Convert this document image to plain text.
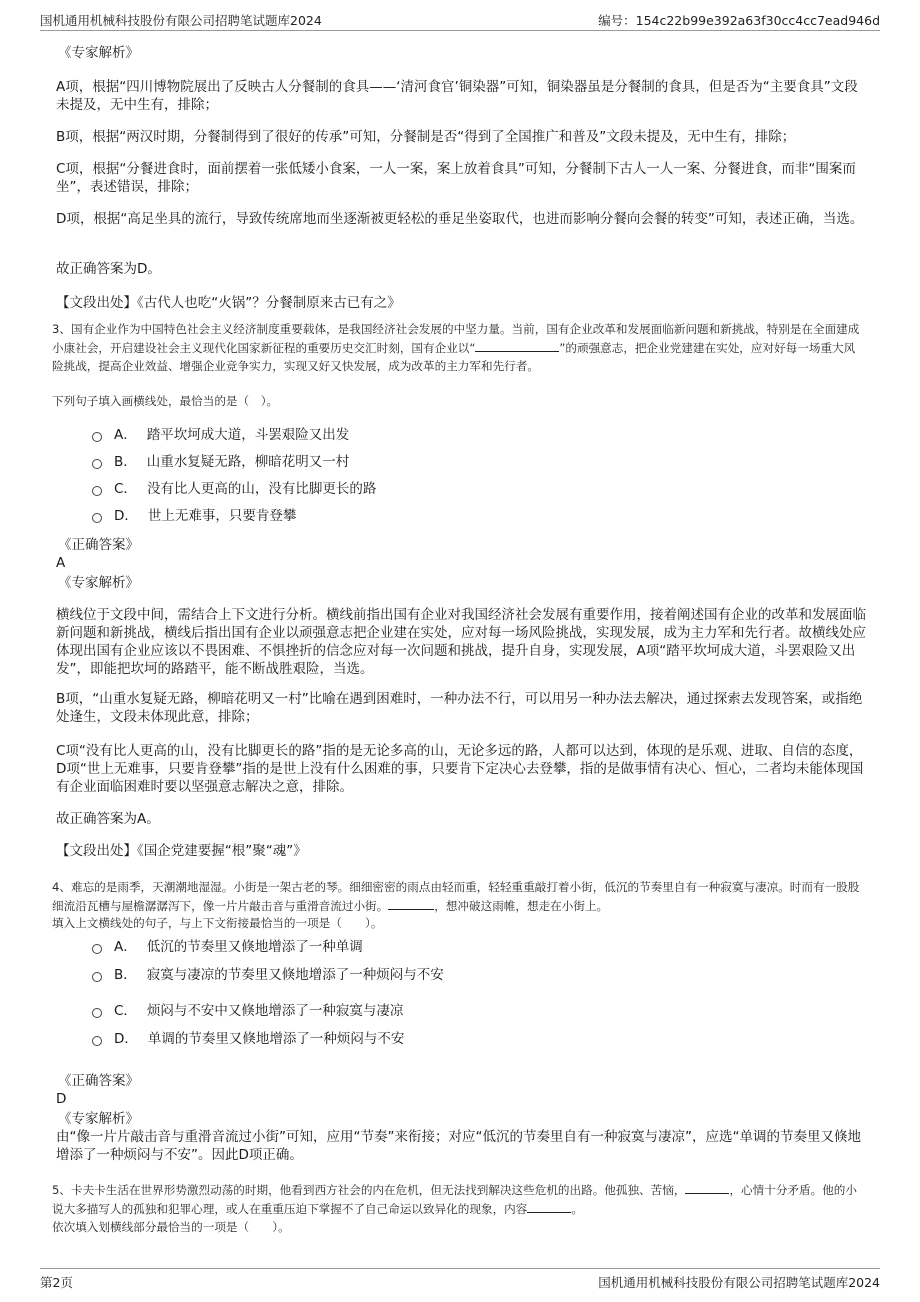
国机通用机械科技股份有限公司招聘笔试题库2024	编号：154c22b99e392a63f30cc4cc7ead946d
《专家解析》

A项，根据“四川博物院展出了反映古人分餐制的食具——‘清河食官’铜染器”可知，铜染器虽是分餐制的食具，但是否为“主要食具”文段未提及，无中生有，排除；

B项，根据“两汉时期，分餐制得到了很好的传承”可知，分餐制是否“得到了全国推广和普及”文段未提及，无中生有，排除；

C项，根据“分餐进食时，面前摆着一张低矮小食案，一人一案，案上放着食具”可知，分餐制下古人一人一案、分餐进食，而非“围案而坐”，表述错误，排除；

D项，根据“高足坐具的流行，导致传统席地而坐逐渐被更轻松的垂足坐姿取代，也进而影响分餐向会餐的转变”可知，表述正确，当选。

故正确答案为D。

【文段出处】《古代人也吃“火锅”？分餐制原来古已有之》

3、国有企业作为中国特色社会主义经济制度重要载体，是我国经济社会发展的中坚力量。当前，国有企业改革和发展面临新问题和新挑战，特别是在全面建成小康社会，开启建设社会主义现代化国家新征程的重要历史交汇时刻，国有企业以“	”的顽强意志，把企业党建建在实处，应对好每一场重大风险挑战，提高企业效益、增强企业竞争实力，实现又好又快发展，成为改革的主力军和先行者。

下列句子填入画横线处，最恰当的是（　）。

A． 踏平坎坷成大道，斗罢艰险又出发
B． 山重水复疑无路，柳暗花明又一村
C． 没有比人更高的山，没有比脚更长的路
D． 世上无难事，只要肯登攀
《正确答案》
A
《专家解析》

横线位于文段中间，需结合上下文进行分析。横线前指出国有企业对我国经济社会发展有重要作用，接着阐述国有企业的改革和发展面临新问题和新挑战，横线后指出国有企业以顽强意志把企业建在实处，应对每一场风险挑战，实现发展，成为主力军和先行者。故横线处应体现出国有企业应该以不畏困难、不惧挫折的信念应对每一次问题和挑战，提升自身，实现发展，A项“踏平坎坷成大道，斗罢艰险又出发”，即能把坎坷的路踏平，能不断战胜艰险，当选。

B项，“山重水复疑无路，柳暗花明又一村”比喻在遇到困难时，一种办法不行，可以用另一种办法去解决，通过探索去发现答案，或指绝处逢生，文段未体现此意，排除；

C项“没有比人更高的山，没有比脚更长的路”指的是无论多高的山，无论多远的路，人都可以达到，体现的是乐观、进取、自信的态度，D项“世上无难事，只要肯登攀”指的是世上没有什么困难的事，只要肯下定决心去登攀，指的是做事情有决心、恒心，二者均未能体现国有企业面临困难时要以坚强意志解决之意，排除。

故正确答案为A。

【文段出处】《国企党建要握“根”聚“魂”》

4、难忘的是雨季，天潮潮地湿湿。小街是一架古老的琴。细细密密的雨点由轻而重，轻轻重重敲打着小街，低沉的节奏里自有一种寂寞与凄凉。时而有一股股细流沿瓦槽与屋檐潺潺泻下，像一片片敲击音与重滑音流过小街。	，想冲破这雨帷，想走在小街上。

填入上文横线处的句子，与上下文衔接最恰当的一项是（　　）。

A． 低沉的节奏里又倏地增添了一种单调
B． 寂寞与凄凉的节奏里又倏地增添了一种烦闷与不安
C． 烦闷与不安中又倏地增添了一种寂寞与凄凉
D． 单调的节奏里又倏地增添了一种烦闷与不安
《正确答案》
D
《专家解析》

由“像一片片敲击音与重滑音流过小街”可知，应用“节奏”来衔接；对应“低沉的节奏里自有一种寂寞与凄凉”，应选“单调的节奏里又倏地增添了一种烦闷与不安”。因此D项正确。

5、卡夫卡生活在世界形势激烈动荡的时期，他看到西方社会的内在危机，但无法找到解决这些危机的出路。他孤独、苦恼，	，心情十分矛盾。他的小说大多描写人的孤独和犯罪心理，或人在重重压迫下掌握不了自己命运以致异化的现象，内容	。

依次填入划横线部分最恰当的一项是（　　）。

第2页	国机通用机械科技股份有限公司招聘笔试题库2024
